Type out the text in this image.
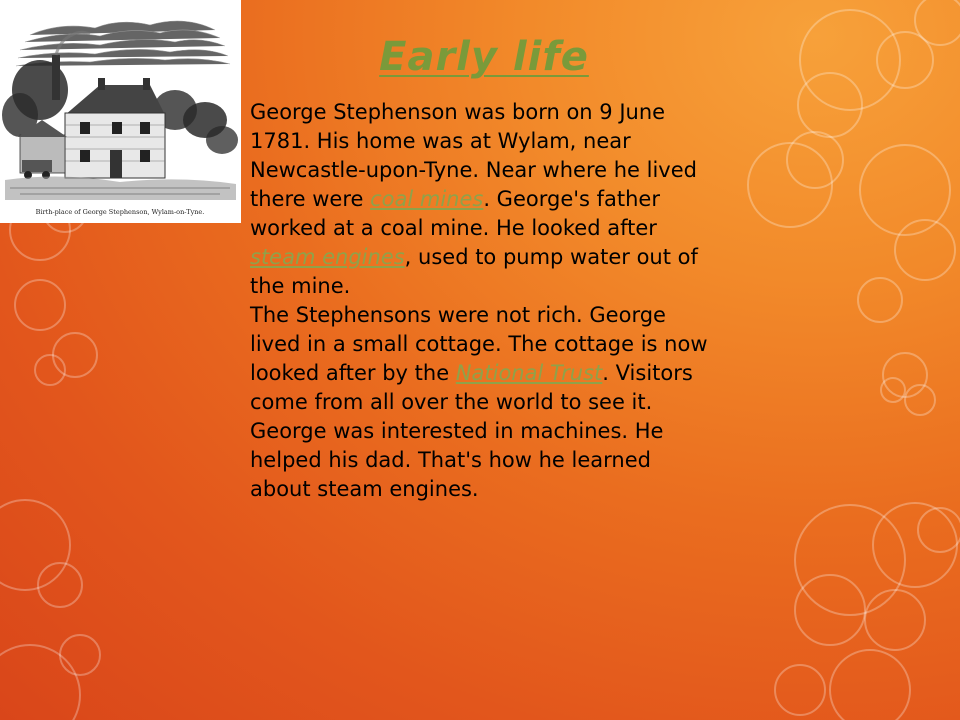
Birth-place of George Stephenson, Wylam-on-Tyne.
Early life

George Stephenson was born on 9 June 1781. His home was at Wylam, near Newcastle-upon-Tyne. Near where he lived there were coal mines. George's father worked at a coal mine. He looked after steam engines, used to pump water out of the mine.

The Stephensons were not rich. George lived in a small cottage. The cottage is now looked after by the National Trust. Visitors come from all over the world to see it. George was interested in machines. He helped his dad. That's how he learned about steam engines.
